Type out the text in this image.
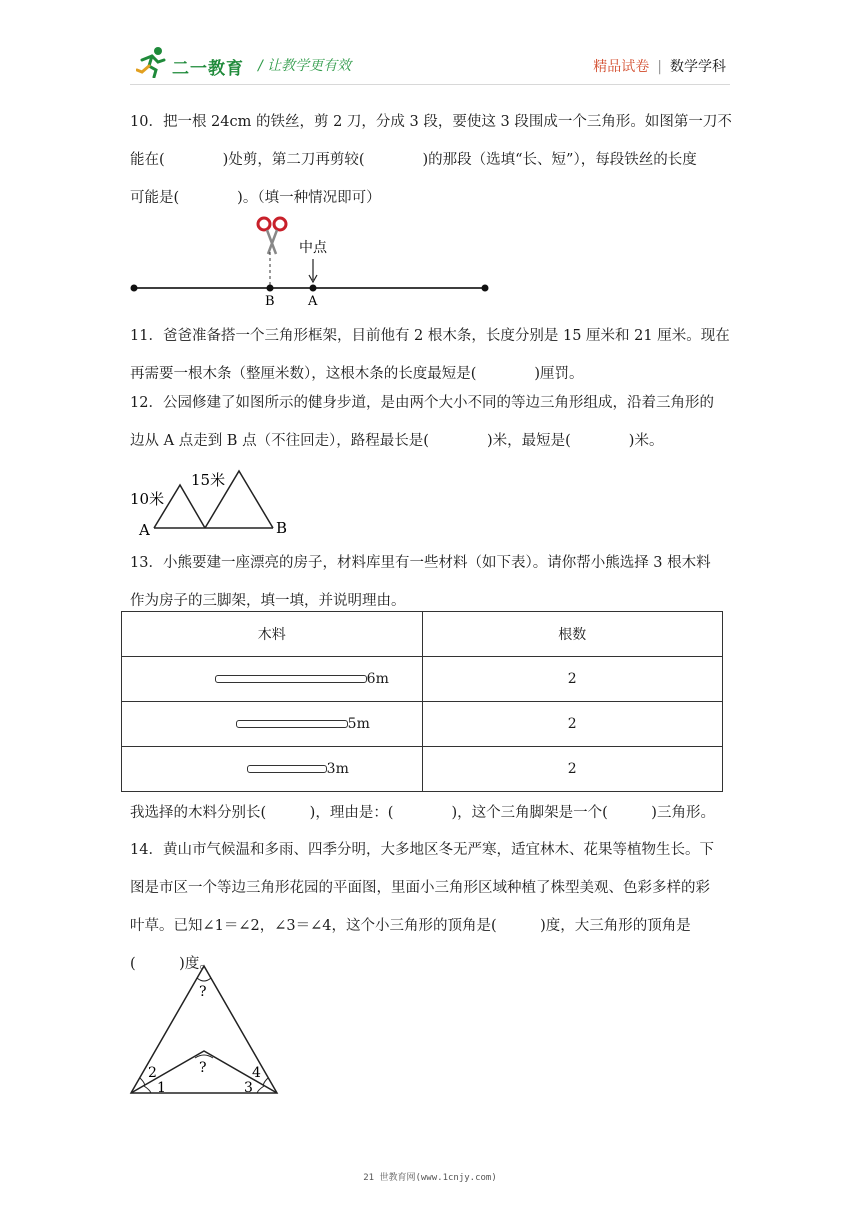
二一教育 / 让教学更有效	精品试卷 | 数学学科
10．把一根 24cm 的铁丝，剪 2 刀，分成 3 段，要使这 3 段围成一个三角形。如图第一刀不
能在(　　　　)处剪，第二刀再剪较(　　　　)的那段（选填“长、短”），每段铁丝的长度
可能是(　　　　)。（填一种情况即可）
中点
B	A
11．爸爸准备搭一个三角形框架，目前他有 2 根木条，长度分别是 15 厘米和 21 厘米。现在
再需要一根木条（整厘米数），这根木条的长度最短是(　　　　)厘罚。
12．公园修建了如图所示的健身步道，是由两个大小不同的等边三角形组成，沿着三角形的
边从 A 点走到 B 点（不往回走），路程最长是(　　　　)米，最短是(　　　　)米。
10米
15米
A	B
13．小熊要建一座漂亮的房子，材料库里有一些材料（如下表）。请你帮小熊选择 3 根木料
作为房子的三脚架，填一填，并说明理由。
木料	根数
6m	2
5m	2
3m	2
我选择的木料分别长(　　　)，理由是：(　　　　)，这个三角脚架是一个(　　　)三角形。
14．黄山市气候温和多雨、四季分明，大多地区冬无严寒，适宜林木、花果等植物生长。下
图是市区一个等边三角形花园的平面图，里面小三角形区域种植了株型美观、色彩多样的彩
叶草。已知∠1＝∠2，∠3＝∠4，这个小三角形的顶角是(　　　)度，大三角形的顶角是
(　　　)度。
?
?
1
2
3
4
21 世教育网(www.1cnjy.com)
